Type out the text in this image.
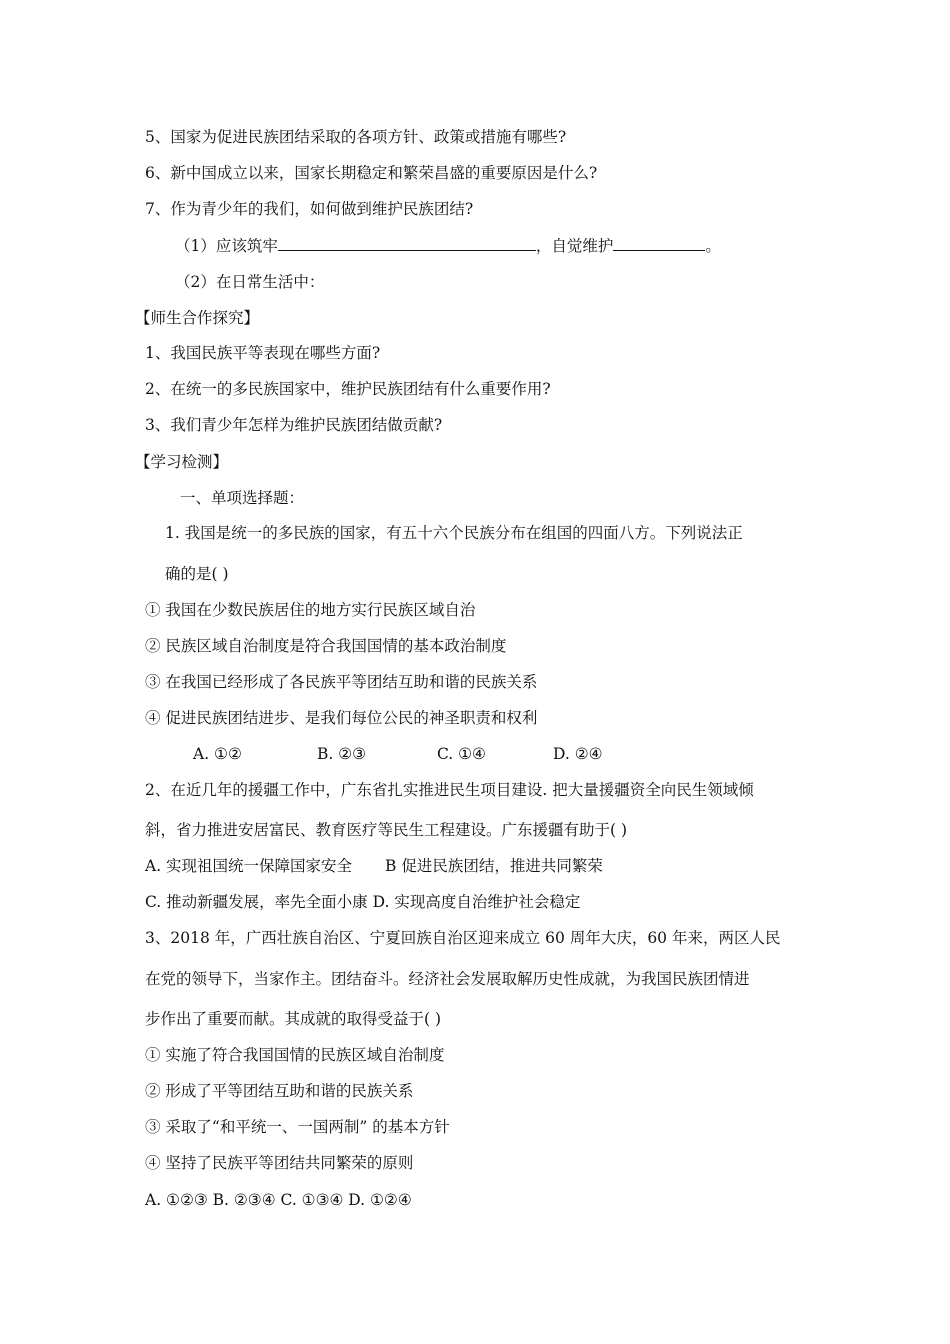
5、国家为促进民族团结采取的各项方针、政策或措施有哪些?
6、新中国成立以来，国家长期稳定和繁荣昌盛的重要原因是什么?
7、作为青少年的我们，如何做到维护民族团结?
（1）应该筑牢	，自觉维护	。
（2）在日常生活中：
【师生合作探究】
1、我国民族平等表现在哪些方面?
2、在统一的多民族国家中，维护民族团结有什么重要作用?
3、我们青少年怎样为维护民族团结做贡献?
【学习检测】
一、单项选择题：
1. 我国是统一的多民族的国家，有五十六个民族分布在组国的四面八方。下列说法正
确的是( )
① 我国在少数民族居住的地方实行民族区域自治
② 民族区域自治制度是符合我国国情的基本政治制度
③ 在我国已经形成了各民族平等团结互助和谐的民族关系
④ 促进民族团结进步、是我们每位公民的神圣职责和权利
A. ①②	B. ②③	C. ①④	D. ②④
2、在近几年的援疆工作中，广东省扎实推进民生项目建设. 把大量援疆资全向民生领域倾
斜，省力推进安居富民、教育医疗等民生工程建设。广东援疆有助于( )
A. 实现祖国统一保障国家安全 B 促进民族团结，推进共同繁荣
C. 推动新疆发展，率先全面小康 D. 实现高度自治维护社会稳定
3、2018 年，广西壮族自治区、宁夏回族自治区迎来成立 60 周年大庆，60 年来，两区人民
在党的领导下，当家作主。团结奋斗。经济社会发展取解历史性成就，为我国民族团情进
步作出了重要而献。其成就的取得受益于( )
① 实施了符合我国国情的民族区域自治制度
② 形成了平等团结互助和谐的民族关系
③ 采取了“和平统一、一国两制” 的基本方针
④ 坚持了民族平等团结共同繁荣的原则
A. ①②③ B. ②③④ C. ①③④ D. ①②④
